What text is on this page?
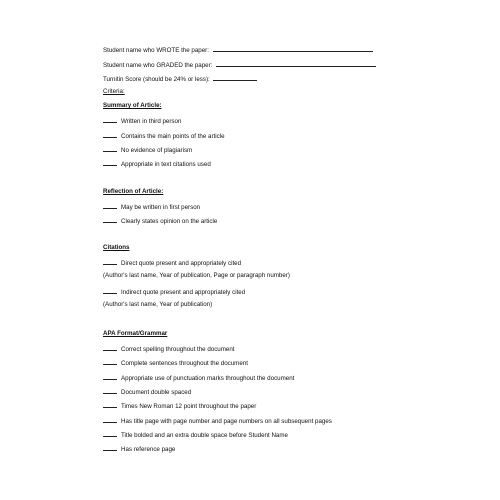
Student name who WROTE the paper:
Student name who GRADED the paper:
Turnitin Score (should be 24% or less):
Criteria:
Summary of Article:
Written in third person
Contains the main points of the article
No evidence of plagiarism
Appropriate in text citations used
Reflection of Article:
May be written in first person
Clearly states opinion on the article
Citations
Direct quote present and appropriately cited
(Author's last name, Year of publication, Page or paragraph number)
Indirect quote present and appropriately cited
(Author's last name, Year of publication)
APA Format/Grammar
Correct spelling throughout the document
Complete sentences throughout the document
Appropriate use of punctuation marks throughout the document
Document double spaced
Times New Roman 12 point throughout the paper
Has title page with page number and page numbers on all subsequent pages
Title bolded and an extra double space before Student Name
Has reference page
